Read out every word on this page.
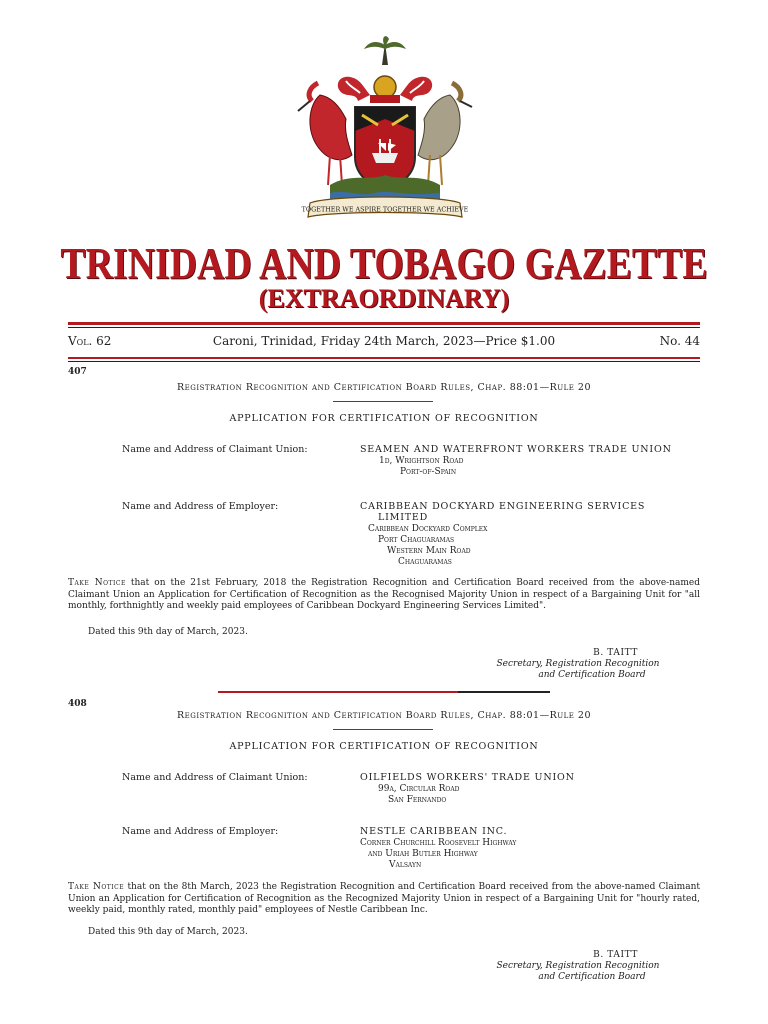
TOGETHER WE ASPIRE TOGETHER WE ACHIEVE
TRINIDAD AND TOBAGO GAZETTE
(EXTRAORDINARY)
Vol. 62	Caroni, Trinidad, Friday 24th March, 2023—Price $1.00	No. 44
407
Registration Recognition and Certification Board Rules, Chap. 88:01—Rule 20
APPLICATION FOR CERTIFICATION OF RECOGNITION
Name and Address of Claimant Union:	SEAMEN AND WATERFRONT WORKERS TRADE UNION
1d, Wrightson Road
Port-of-Spain
Name and Address of Employer:	CARIBBEAN DOCKYARD ENGINEERING SERVICES
LIMITED
Caribbean Dockyard Complex
Port Chaguaramas
Western Main Road
Chaguaramas
Take Notice that on the 21st February, 2018 the Registration Recognition and Certification Board received from the above-named Claimant Union an Application for Certification of Recognition as the Recognised Majority Union in respect of a Bargaining Unit for "all monthly, forthnightly and weekly paid employees of Caribbean Dockyard Engineering Services Limited".
Dated this 9th day of March, 2023.
B. TAITT
Secretary, Registration Recognition
and Certification Board
408
Registration Recognition and Certification Board Rules, Chap. 88:01—Rule 20
APPLICATION FOR CERTIFICATION OF RECOGNITION
Name and Address of Claimant Union:	OILFIELDS WORKERS' TRADE UNION
99a, Circular Road
San Fernando
Name and Address of Employer:	NESTLE CARIBBEAN INC.
Corner Churchill Roosevelt Highway
and Uriah Butler Highway
Valsayn
Take Notice that on the 8th March, 2023 the Registration Recognition and Certification Board received from the above-named Claimant Union an Application for Certification of Recognition as the Recognized Majority Union in respect of a Bargaining Unit for "hourly rated, weekly paid, monthly rated, monthly paid" employees of Nestle Caribbean Inc.
Dated this 9th day of March, 2023.
B. TAITT
Secretary, Registration Recognition
and Certification Board
